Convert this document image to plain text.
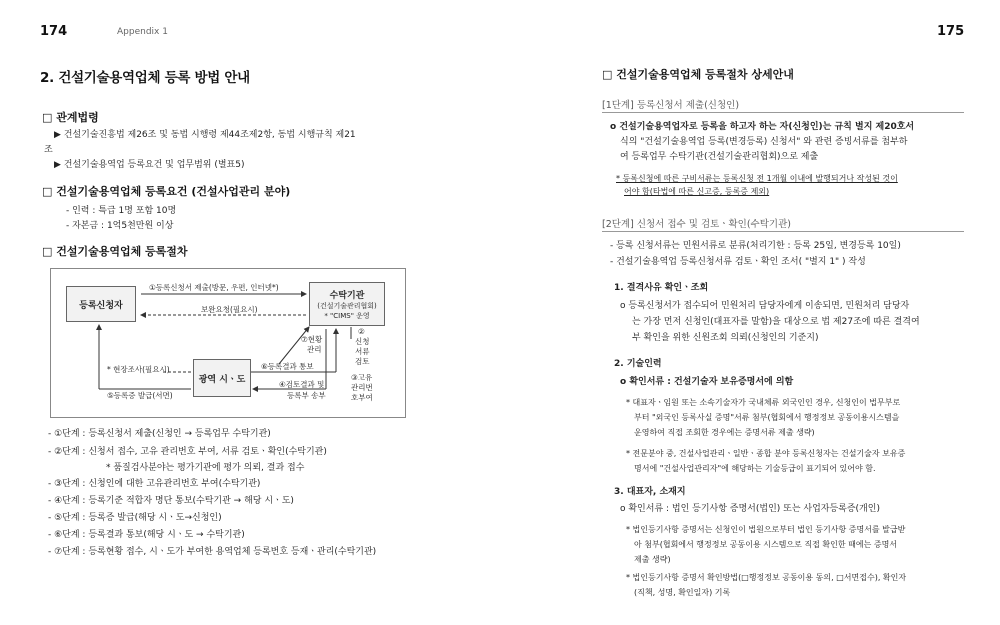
174	Appendix 1
2. 건설기술용역업체 등록 방법 안내
□ 관계법령
▶ 건설기술진흥법 제26조 및 동법 시행령 제44조제2항, 동법 시행규칙 제21
조
▶ 건설기술용역업 등록요건 및 업무범위 (별표5)
□ 건설기술용역업체 등록요건 (건설사업관리 분야)
- 인력 : 특급 1명 포함 10명
- 자본금 : 1억5천만원 이상
□ 건설기술용역업체 등록절차
등록신청자
수탁기관
(건설기술관리협회)
* "CIMS" 운영
광역 시ㆍ도
①등록신청서 제출(방문, 우편, 인터넷*)
보완요청(필요시)
⑦현황
관리
②
신청
서류
검토
③고유
관리번
호부여
⑥등록결과 통보
④검토결과 및
등록부 송부
* 현장조사(필요시)
⑤등록증 발급(서면)
- ①단계 : 등록신청서 제출(신청인 → 등록업무 수탁기관)
- ②단계 : 신청서 접수, 고유 관리번호 부여, 서류 검토ㆍ확인(수탁기관)
* 품질검사분야는 평가기관에 평가 의뢰, 결과 접수
- ③단계 : 신청인에 대한 고유관리번호 부여(수탁기관)
- ④단계 : 등록기준 적합자 명단 통보(수탁기관 → 해당 시ㆍ도)
- ⑤단계 : 등록증 발급(해당 시ㆍ도→신청인)
- ⑥단계 : 등록결과 통보(해당 시ㆍ도 → 수탁기관)
- ⑦단계 : 등록현황 접수, 시ㆍ도가 부여한 용역업체 등록번호 등재ㆍ관리(수탁기관)
175
□ 건설기술용역업체 등록절차 상세안내
[1단계] 등록신청서 제출(신청인)
o 건설기술용역업자로 등록을 하고자 하는 자(신청인)는 규칙 별지 제20호서
식의 "건설기술용역업 등록(변경등록) 신청서" 와 관련 증빙서류를 첨부하
여 등록업무 수탁기관(건설기술관리협회)으로 제출
* 등록신청에 따른 구비서류는 등록신청 전 1개월 이내에 발행되거나 작성된 것이
어야 함(타법에 따른 신고증, 등록증 제외)
[2단계] 신청서 접수 및 검토ㆍ확인(수탁기관)
- 등록 신청서류는 민원서류로 분류(처리기한 : 등록 25일, 변경등록 10일)
- 건설기술용역업 등록신청서류 검토ㆍ확인 조서( "별지 1" ) 작성
1. 결격사유 확인ㆍ조회
o 등록신청서가 접수되어 민원처리 담당자에게 이송되면, 민원처리 담당자
는 가장 먼저 신청인(대표자를 말함)을 대상으로 법 제27조에 따른 결격여
부 확인을 위한 신원조회 의뢰(신청인의 기준지)
2. 기술인력
o 확인서류 : 건설기술자 보유증명서에 의함
* 대표자ㆍ임원 또는 소속기술자가 국내체류 외국인인 경우, 신청인이 법무부로
부터 "외국인 등록사실 증명"서류 첨부(협회에서 행정정보 공동이용시스템을
운영하여 직접 조회한 경우에는 증명서류 제출 생략)
* 전문분야 중, 건설사업관리ㆍ일반ㆍ종합 분야 등록신청자는 건설기술자 보유증
명서에 "건설사업관리자"에 해당하는 기술등급이 표기되어 있어야 함.
3. 대표자, 소재지
o 확인서류 : 법인 등기사항 증명서(법인) 또는 사업자등록증(개인)
* 법인등기사항 증명서는 신청인이 법원으로부터 법인 등기사항 증명서를 발급받
아 첨부(협회에서 행정정보 공동이용 시스템으로 직접 확인한 때에는 증명서
제출 생략)
* 법인등기사항 증명서 확인방법(□행정정보 공동이용 동의, □서면접수), 확인자
(직책, 성명, 확인일자) 기록
